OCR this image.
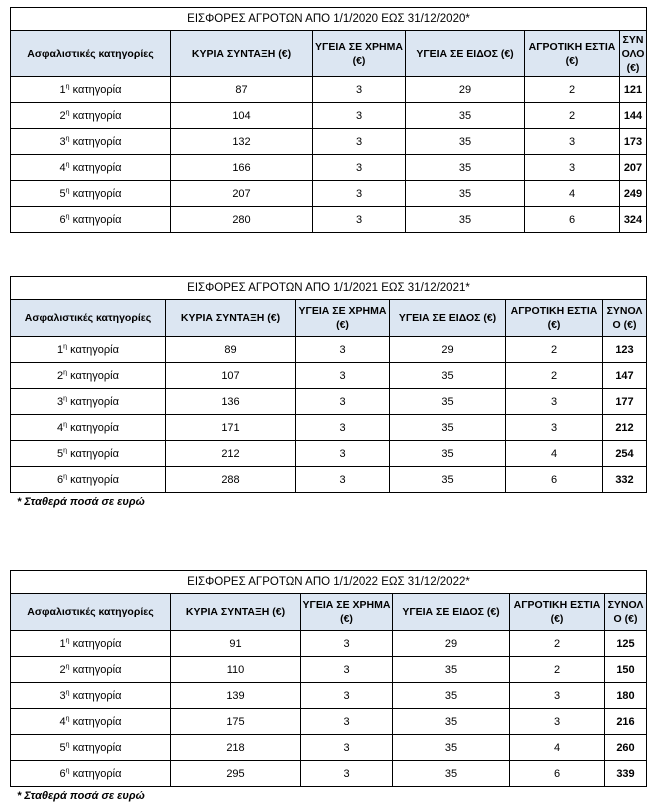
ΕΙΣΦΟΡΕΣ ΑΓΡΟΤΩΝ ΑΠΟ 1/1/2020 ΕΩΣ 31/12/2020*					
Ασφαλιστικές κατηγορίες	ΚΥΡΙΑ ΣΥΝΤΑΞΗ (€)	ΥΓΕΙΑ ΣΕ ΧΡΗΜΑ (€)	ΥΓΕΙΑ ΣΕ ΕΙΔΟΣ (€)	ΑΓΡΟΤΙΚΗ ΕΣΤΙΑ (€)	ΣΥΝ ΟΛΟ (€)
$1^\eta$ κατηγορία	87	3	29	2	121
$2^\eta$ κατηγορία	104	3	35	2	144
$3^\eta$ κατηγορία	132	3	35	3	173
$4^\eta$ κατηγορία	166	3	35	3	207
$5^\eta$ κατηγορία	207	3	35	4	249
$6^\eta$ κατηγορία	280	3	35	6	324
ΕΙΣΦΟΡΕΣ ΑΓΡΟΤΩΝ ΑΠΟ 1/1/2021 ΕΩΣ 31/12/2021*					
Ασφαλιστικές κατηγορίες	ΚΥΡΙΑ ΣΥΝΤΑΞΗ (€)	ΥΓΕΙΑ ΣΕ ΧΡΗΜΑ (€)	ΥΓΕΙΑ ΣΕ ΕΙΔΟΣ (€)	ΑΓΡΟΤΙΚΗ ΕΣΤΙΑ (€)	ΣΥΝΟΛ Ο (€)
$1^\eta$ κατηγορία	89	3	29	2	123
$2^\eta$ κατηγορία	107	3	35	2	147
$3^\eta$ κατηγορία	136	3	35	3	177
$4^\eta$ κατηγορία	171	3	35	3	212
$5^\eta$ κατηγορία	212	3	35	4	254
$6^\eta$ κατηγορία	288	3	35	6	332
* Σταθερά ποσά σε ευρώ
ΕΙΣΦΟΡΕΣ ΑΓΡΟΤΩΝ ΑΠΟ 1/1/2022 ΕΩΣ 31/12/2022*					
Ασφαλιστικές κατηγορίες	ΚΥΡΙΑ ΣΥΝΤΑΞΗ (€)	ΥΓΕΙΑ ΣΕ ΧΡΗΜΑ (€)	ΥΓΕΙΑ ΣΕ ΕΙΔΟΣ (€)	ΑΓΡΟΤΙΚΗ ΕΣΤΙΑ (€)	ΣΥΝΟΛ Ο (€)
$1^\eta$ κατηγορία	91	3	29	2	125
$2^\eta$ κατηγορία	110	3	35	2	150
$3^\eta$ κατηγορία	139	3	35	3	180
$4^\eta$ κατηγορία	175	3	35	3	216
$5^\eta$ κατηγορία	218	3	35	4	260
$6^\eta$ κατηγορία	295	3	35	6	339
* Σταθερά ποσά σε ευρώ
